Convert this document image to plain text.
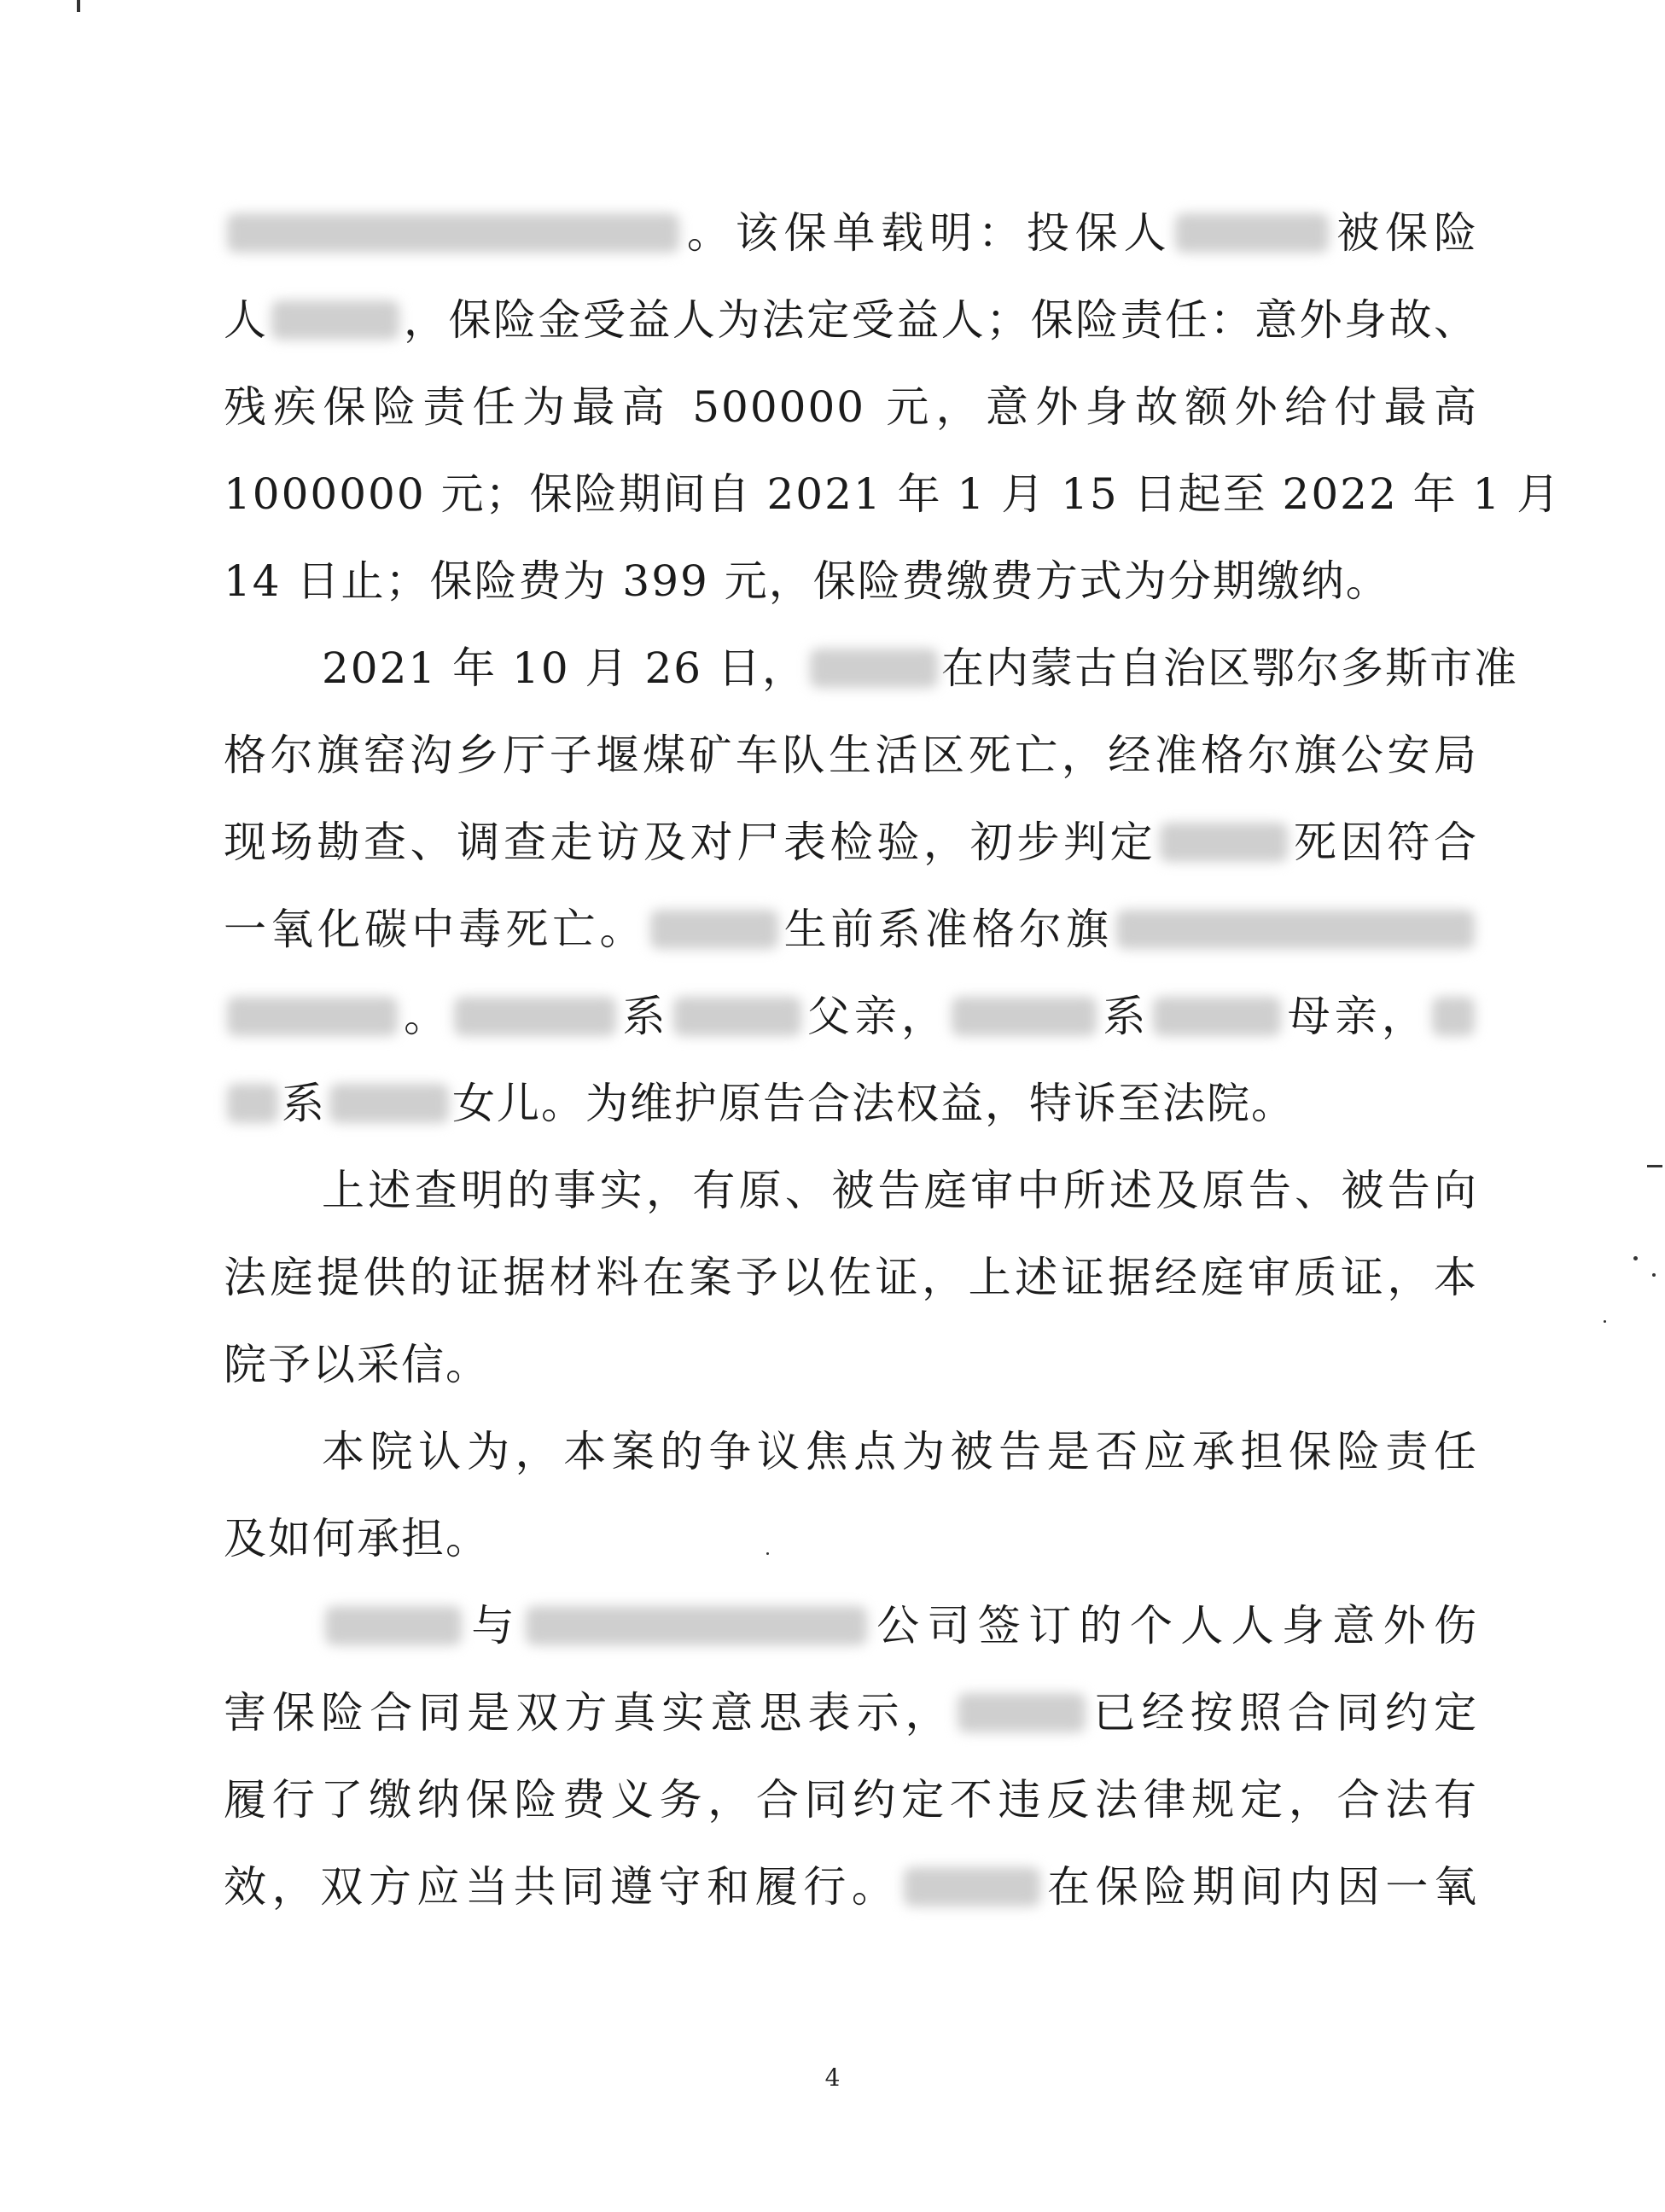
。该保单载明：投保人	被保险
人	，保险金受益人为法定受益人；保险责任：意外身故、
残疾保险责任为最高 500000 元，意外身故额外给付最高
1000000 元；保险期间自 2021 年 1 月 15 日起至 2022 年 1 月
14 日止；保险费为 399 元，保险费缴费方式为分期缴纳。
2021 年 10 月 26 日，	在内蒙古自治区鄂尔多斯市准
格尔旗窑沟乡厅子堰煤矿车队生活区死亡，经准格尔旗公安局
现场勘查、调查走访及对尸表检验，初步判定	死因符合
一氧化碳中毒死亡。	生前系准格尔旗
。	系	父亲，	系	母亲，
系	女儿。为维护原告合法权益，特诉至法院。
上述查明的事实，有原、被告庭审中所述及原告、被告向
法庭提供的证据材料在案予以佐证，上述证据经庭审质证，本
院予以采信。
本院认为，本案的争议焦点为被告是否应承担保险责任
及如何承担。
与	公司签订的个人人身意外伤
害保险合同是双方真实意思表示，	已经按照合同约定
履行了缴纳保险费义务，合同约定不违反法律规定，合法有
效，双方应当共同遵守和履行。	在保险期间内因一氧
4
